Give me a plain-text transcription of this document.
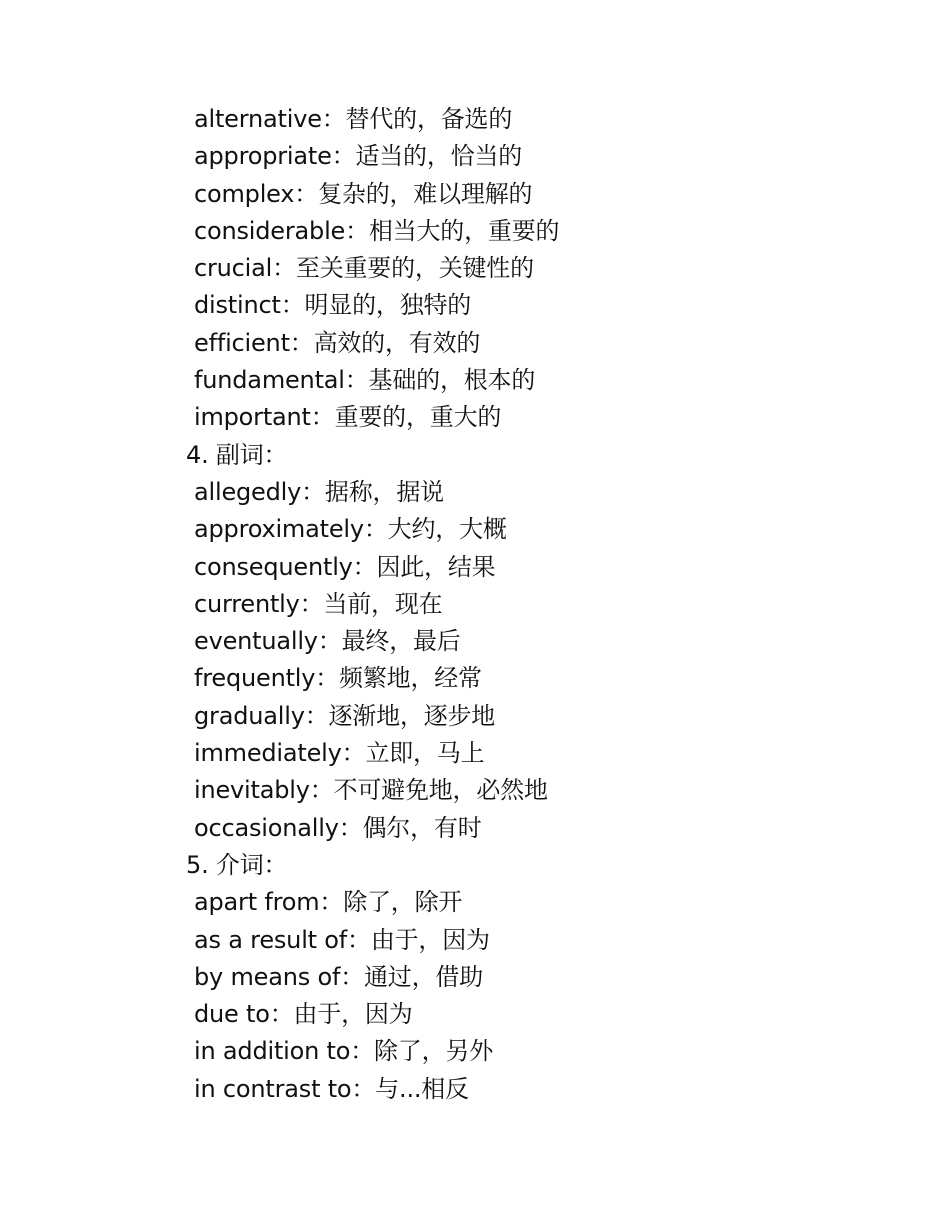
alternative：替代的，备选的
appropriate：适当的，恰当的
complex：复杂的，难以理解的
considerable：相当大的，重要的
crucial：至关重要的，关键性的
distinct：明显的，独特的
efficient：高效的，有效的
fundamental：基础的，根本的
important：重要的，重大的
4. 副词：
allegedly：据称，据说
approximately：大约，大概
consequently：因此，结果
currently：当前，现在
eventually：最终，最后
frequently：频繁地，经常
gradually：逐渐地，逐步地
immediately：立即，马上
inevitably：不可避免地，必然地
occasionally：偶尔，有时
5. 介词：
apart from：除了，除开
as a result of：由于，因为
by means of：通过，借助
due to：由于，因为
in addition to：除了，另外
in contrast to：与...相反
